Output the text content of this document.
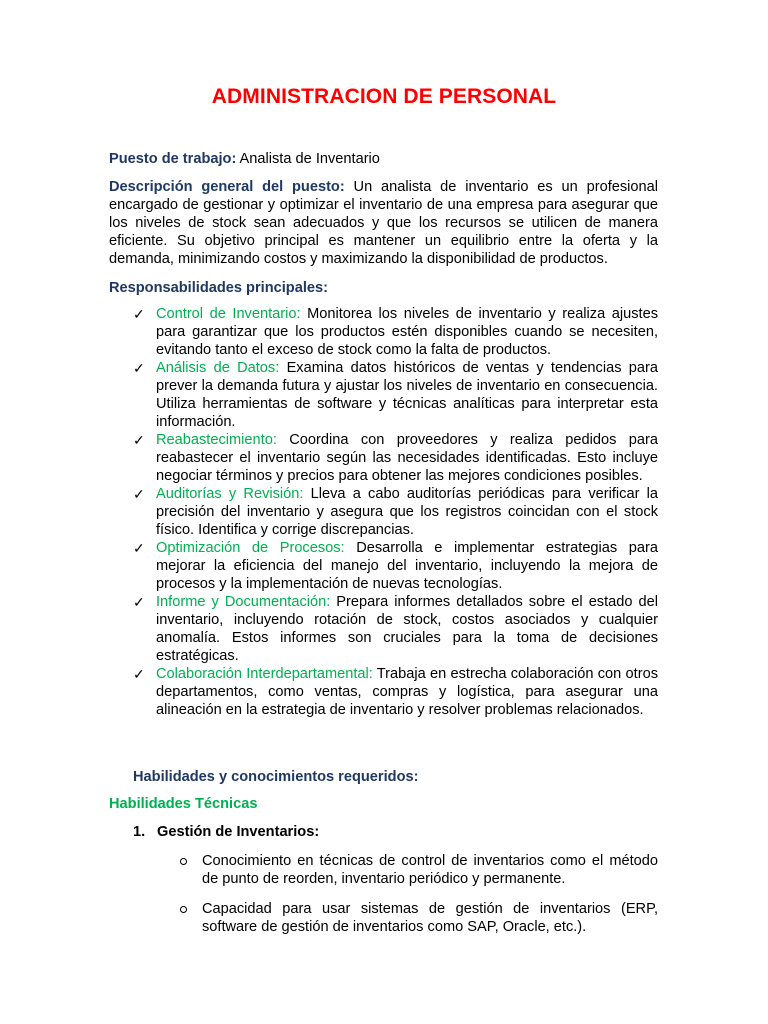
ADMINISTRACION DE PERSONAL
Puesto de trabajo: Analista de Inventario
Descripción general del puesto: Un analista de inventario es un profesional encargado de gestionar y optimizar el inventario de una empresa para asegurar que los niveles de stock sean adecuados y que los recursos se utilicen de manera eficiente. Su objetivo principal es mantener un equilibrio entre la oferta y la demanda, minimizando costos y maximizando la disponibilidad de productos.
Responsabilidades principales:
✓ Control de Inventario: Monitorea los niveles de inventario y realiza ajustes para garantizar que los productos estén disponibles cuando se necesiten, evitando tanto el exceso de stock como la falta de productos.
✓ Análisis de Datos: Examina datos históricos de ventas y tendencias para prever la demanda futura y ajustar los niveles de inventario en consecuencia. Utiliza herramientas de software y técnicas analíticas para interpretar esta información.
✓ Reabastecimiento: Coordina con proveedores y realiza pedidos para reabastecer el inventario según las necesidades identificadas. Esto incluye negociar términos y precios para obtener las mejores condiciones posibles.
✓ Auditorías y Revisión: Lleva a cabo auditorías periódicas para verificar la precisión del inventario y asegura que los registros coincidan con el stock físico. Identifica y corrige discrepancias.
✓ Optimización de Procesos: Desarrolla e implementar estrategias para mejorar la eficiencia del manejo del inventario, incluyendo la mejora de procesos y la implementación de nuevas tecnologías.
✓ Informe y Documentación: Prepara informes detallados sobre el estado del inventario, incluyendo rotación de stock, costos asociados y cualquier anomalía. Estos informes son cruciales para la toma de decisiones estratégicas.
✓ Colaboración Interdepartamental: Trabaja en estrecha colaboración con otros departamentos, como ventas, compras y logística, para asegurar una alineación en la estrategia de inventario y resolver problemas relacionados.
Habilidades y conocimientos requeridos:
Habilidades Técnicas
1. Gestión de Inventarios:
Conocimiento en técnicas de control de inventarios como el método de punto de reorden, inventario periódico y permanente.
Capacidad para usar sistemas de gestión de inventarios (ERP, software de gestión de inventarios como SAP, Oracle, etc.).
